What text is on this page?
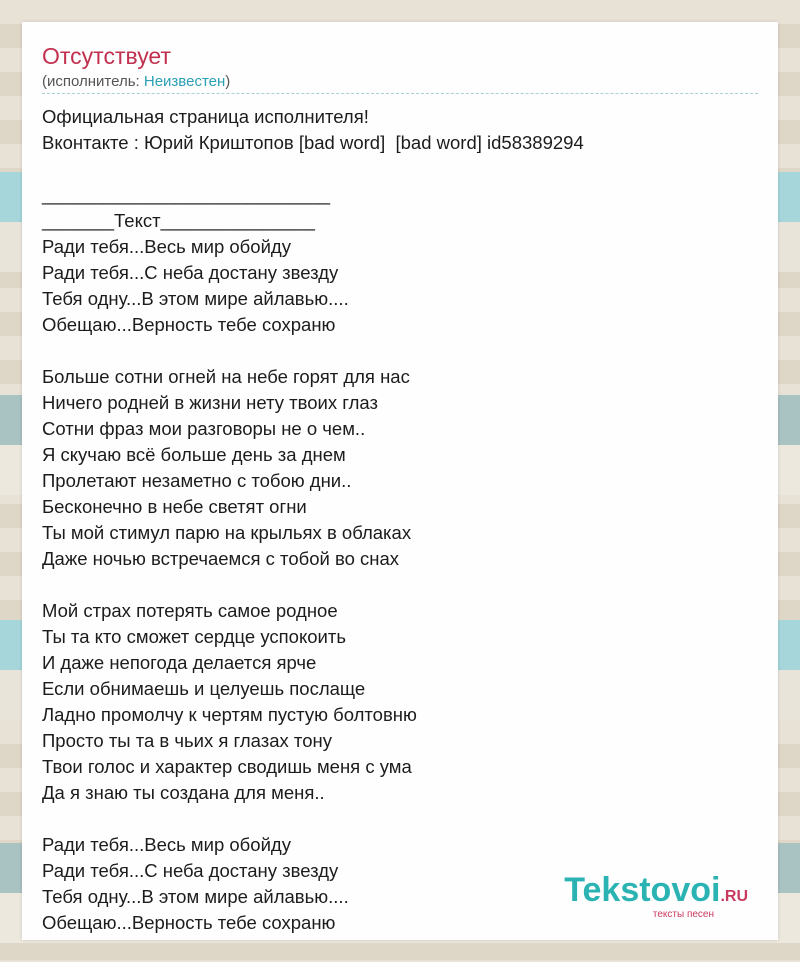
Отсутствует
(исполнитель: Неизвестен)
Официальная страница исполнителя!
Вконтакте : Юрий Криштопов [bad word]  [bad word] id58389294
____________________________
_______Текст_______________
Ради тебя...Весь мир обойду
Ради тебя...С неба достану звезду
Тебя одну...В этом мире айлавью....
Обещаю...Верность тебе сохраню
Больше сотни огней на небе горят для нас
Ничего родней в жизни нету твоих глаз
Сотни фраз мои разговоры не о чем..
Я скучаю всё больше день за днем
Пролетают незаметно с тобою дни..
Бесконечно в небе светят огни
Ты мой стимул парю на крыльях в облаках
Даже ночью встречаемся с тобой во снах
Мой страх потерять самое родное
Ты та кто сможет сердце успокоить
И даже непогода делается ярче
Если обнимаешь и целуешь послаще
Ладно промолчу к чертям пустую болтовню
Просто ты та в чьих я глазах тону
Твои голос и характер сводишь меня с ума
Да я знаю ты создана для меня..
Ради тебя...Весь мир обойду
Ради тебя...С неба достану звезду
Тебя одну...В этом мире айлавью....
Обещаю...Верность тебе сохраню
Tekstovoi.RU
тексты песен
